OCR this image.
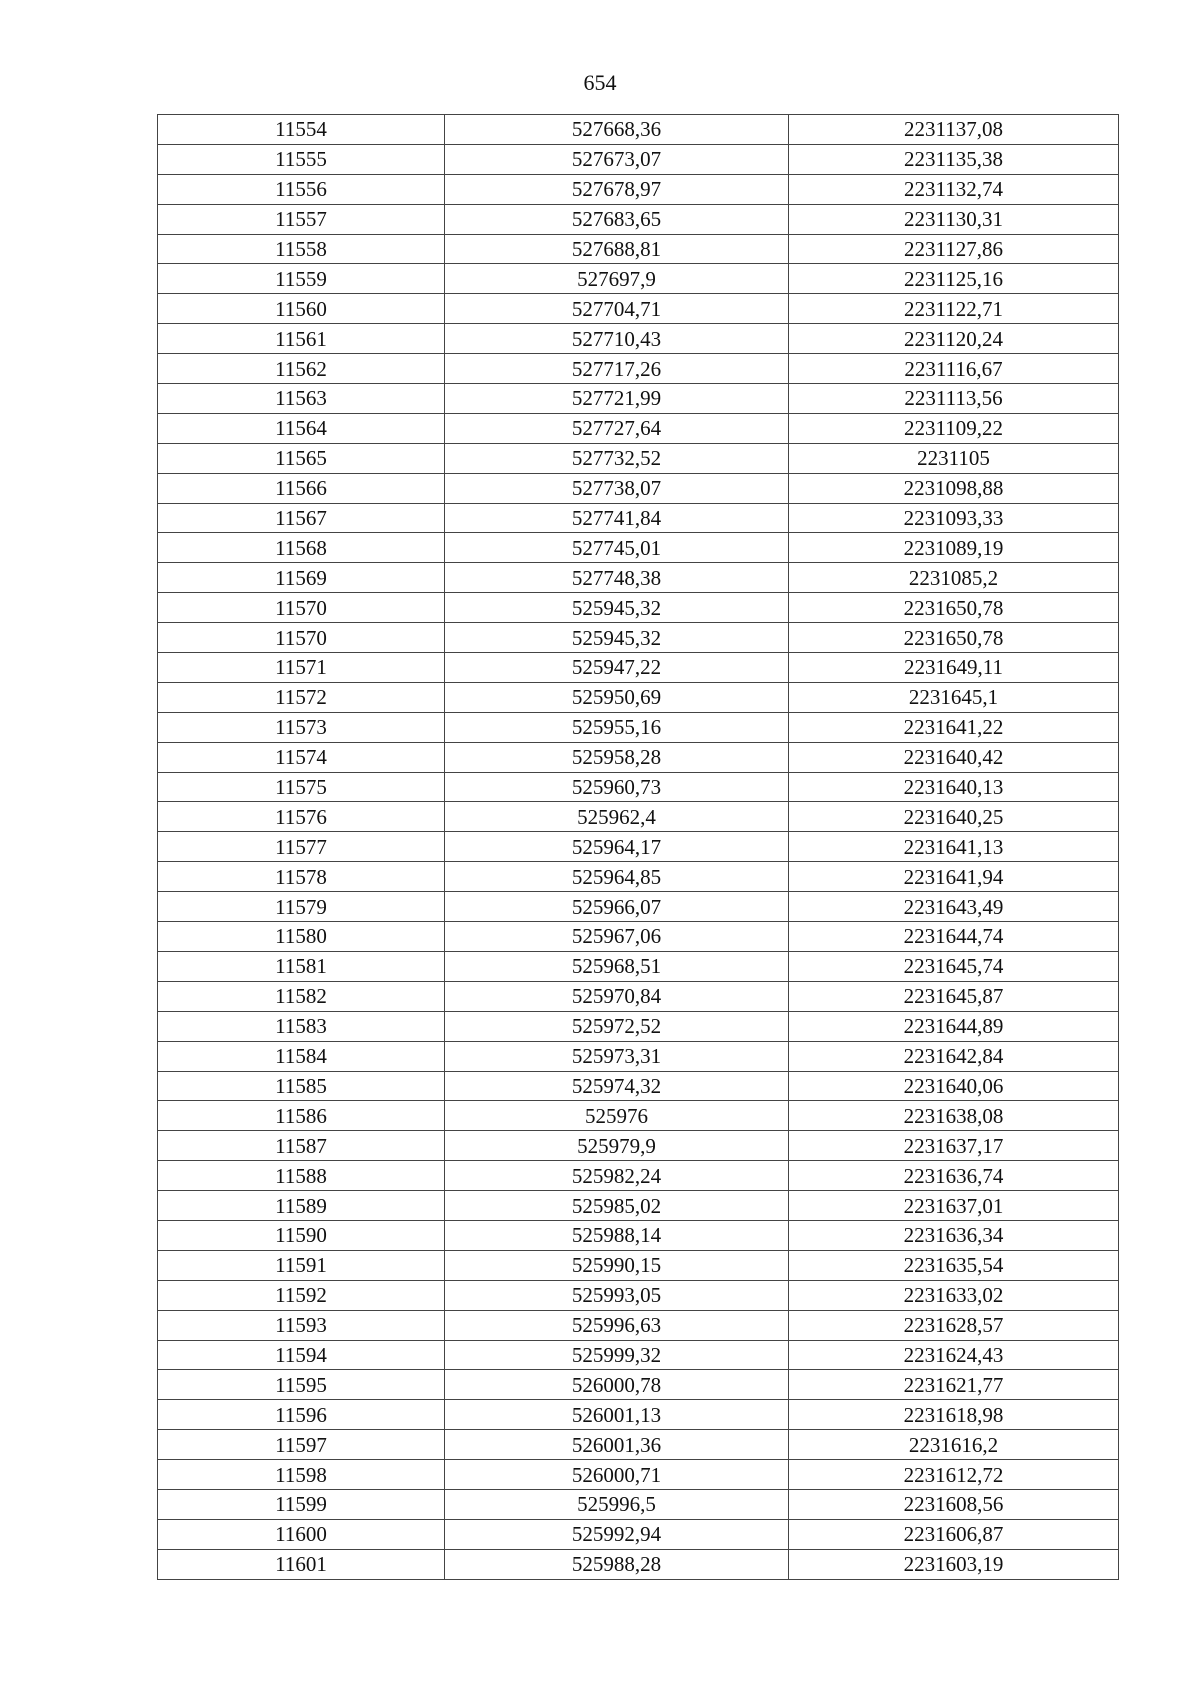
654
11554	527668,36	2231137,08
11555	527673,07	2231135,38
11556	527678,97	2231132,74
11557	527683,65	2231130,31
11558	527688,81	2231127,86
11559	527697,9	2231125,16
11560	527704,71	2231122,71
11561	527710,43	2231120,24
11562	527717,26	2231116,67
11563	527721,99	2231113,56
11564	527727,64	2231109,22
11565	527732,52	2231105
11566	527738,07	2231098,88
11567	527741,84	2231093,33
11568	527745,01	2231089,19
11569	527748,38	2231085,2
11570	525945,32	2231650,78
11570	525945,32	2231650,78
11571	525947,22	2231649,11
11572	525950,69	2231645,1
11573	525955,16	2231641,22
11574	525958,28	2231640,42
11575	525960,73	2231640,13
11576	525962,4	2231640,25
11577	525964,17	2231641,13
11578	525964,85	2231641,94
11579	525966,07	2231643,49
11580	525967,06	2231644,74
11581	525968,51	2231645,74
11582	525970,84	2231645,87
11583	525972,52	2231644,89
11584	525973,31	2231642,84
11585	525974,32	2231640,06
11586	525976	2231638,08
11587	525979,9	2231637,17
11588	525982,24	2231636,74
11589	525985,02	2231637,01
11590	525988,14	2231636,34
11591	525990,15	2231635,54
11592	525993,05	2231633,02
11593	525996,63	2231628,57
11594	525999,32	2231624,43
11595	526000,78	2231621,77
11596	526001,13	2231618,98
11597	526001,36	2231616,2
11598	526000,71	2231612,72
11599	525996,5	2231608,56
11600	525992,94	2231606,87
11601	525988,28	2231603,19
